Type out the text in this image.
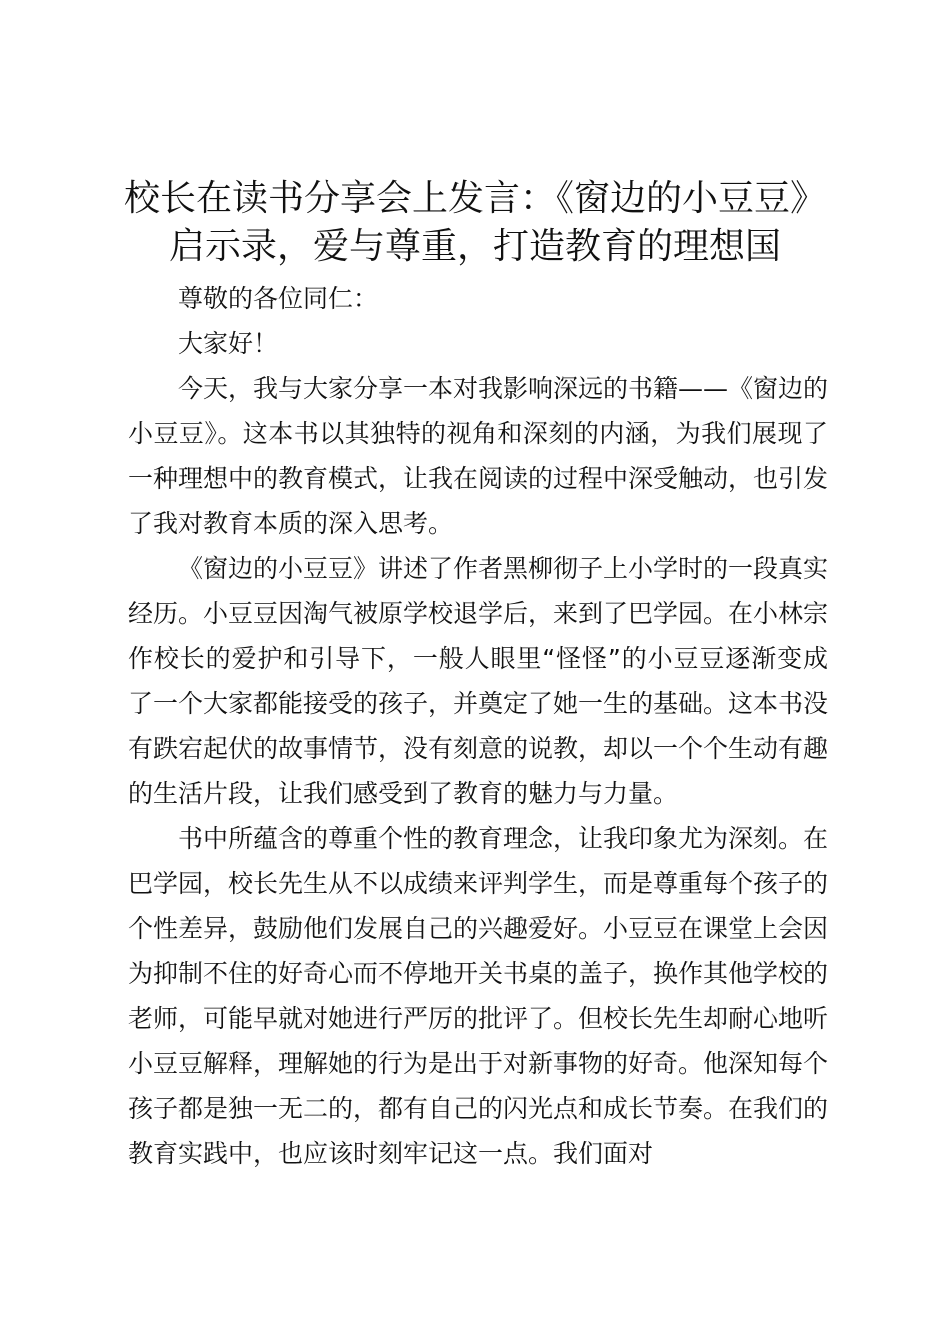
校长在读书分享会上发言：《窗边的小豆豆》
启示录，爱与尊重，打造教育的理想国

尊敬的各位同仁：

大家好！

今天，我与大家分享一本对我影响深远的书籍——《窗边的小豆豆》。这本书以其独特的视角和深刻的内涵，为我们展现了一种理想中的教育模式，让我在阅读的过程中深受触动，也引发了我对教育本质的深入思考。

《窗边的小豆豆》讲述了作者黑柳彻子上小学时的一段真实经历。小豆豆因淘气被原学校退学后，来到了巴学园。在小林宗作校长的爱护和引导下，一般人眼里“怪怪”的小豆豆逐渐变成了一个大家都能接受的孩子，并奠定了她一生的基础。这本书没有跌宕起伏的故事情节，没有刻意的说教，却以一个个生动有趣的生活片段，让我们感受到了教育的魅力与力量。

书中所蕴含的尊重个性的教育理念，让我印象尤为深刻。在巴学园，校长先生从不以成绩来评判学生，而是尊重每个孩子的个性差异，鼓励他们发展自己的兴趣爱好。小豆豆在课堂上会因为抑制不住的好奇心而不停地开关书桌的盖子，换作其他学校的老师，可能早就对她进行严厉的批评了。但校长先生却耐心地听小豆豆解释，理解她的行为是出于对新事物的好奇。他深知每个孩子都是独一无二的，都有自己的闪光点和成长节奏。在我们的教育实践中，也应该时刻牢记这一点。我们面对
